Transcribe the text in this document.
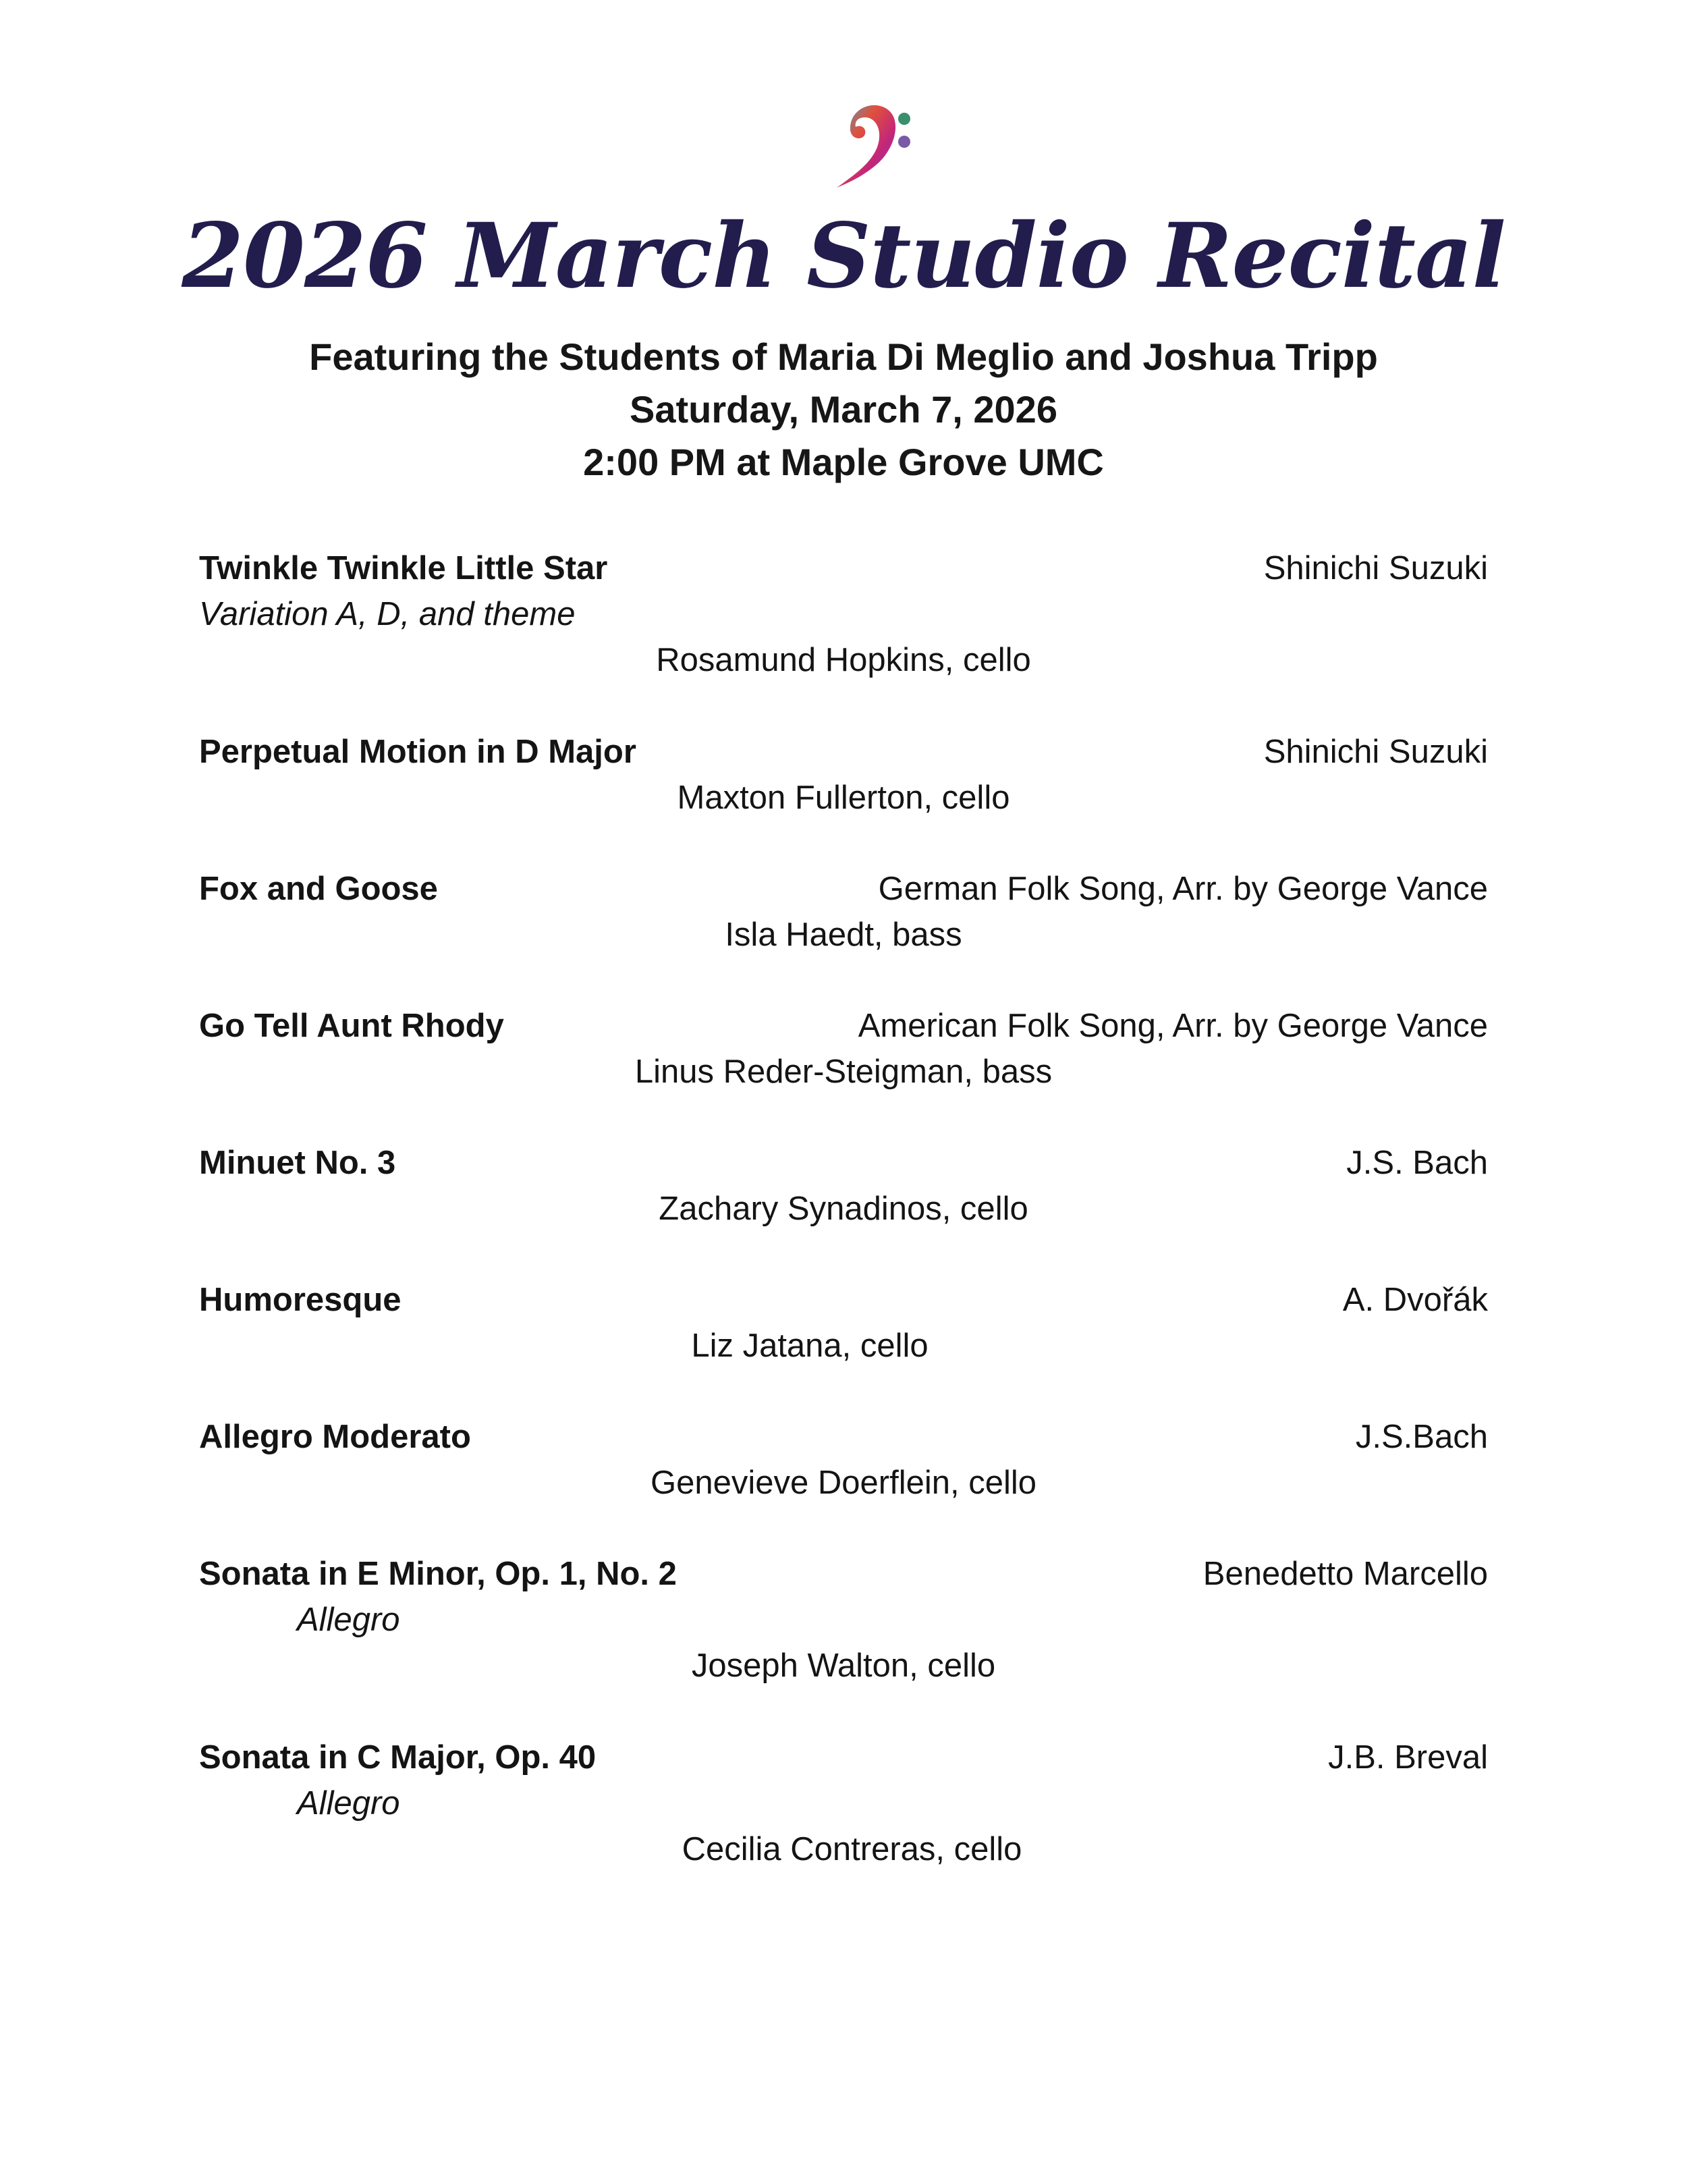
2026 March Studio Recital
Featuring the Students of Maria Di Meglio and Joshua Tripp
Saturday, March 7, 2026
2:00 PM at Maple Grove UMC
Twinkle Twinkle Little Star	Shinichi Suzuki
Variation A, D, and theme
Rosamund Hopkins, cello
Perpetual Motion in D Major	Shinichi Suzuki
Maxton Fullerton, cello
Fox and Goose	German Folk Song, Arr. by George Vance
Isla Haedt, bass
Go Tell Aunt Rhody	American Folk Song, Arr. by George Vance
Linus Reder-Steigman, bass
Minuet No. 3	J.S. Bach
Zachary Synadinos, cello
Humoresque	A. Dvořák
Liz Jatana, cello
Allegro Moderato	J.S.Bach
Genevieve Doerflein, cello
Sonata in E Minor, Op. 1, No. 2	Benedetto Marcello
Allegro
Joseph Walton, cello
Sonata in C Major, Op. 40	J.B. Breval
Allegro
Cecilia Contreras, cello
